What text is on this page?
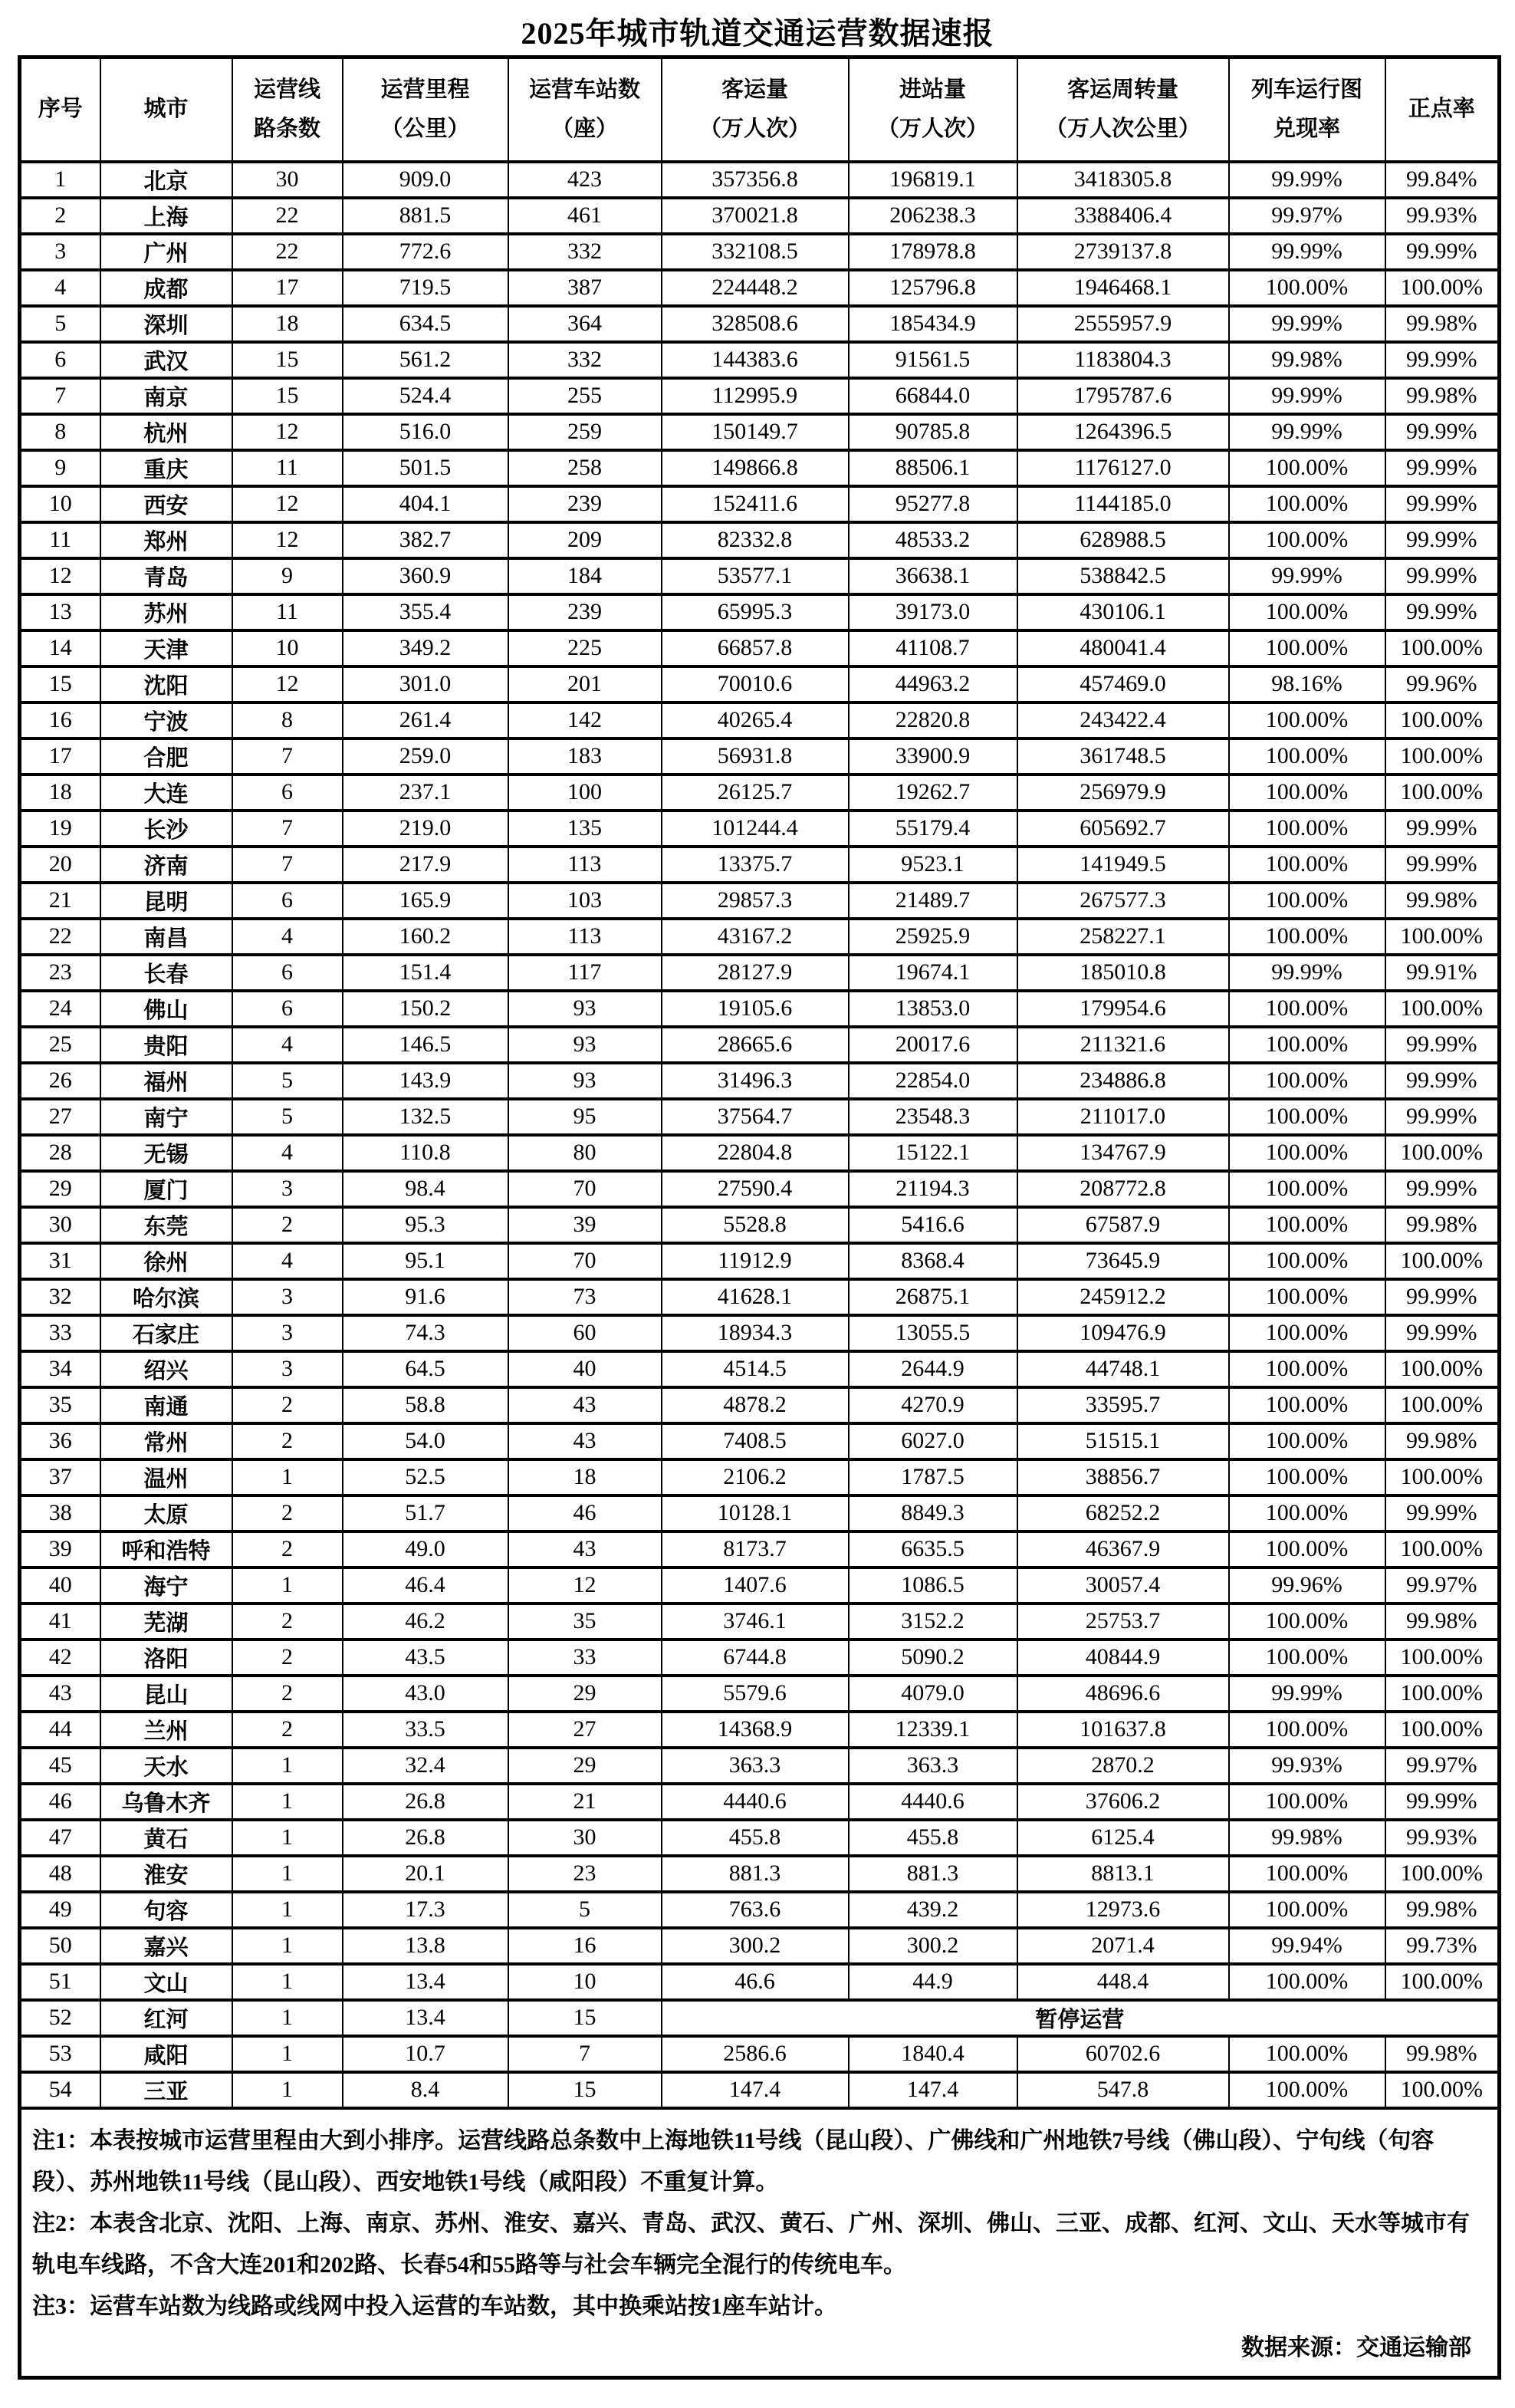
2025年城市轨道交通运营数据速报
序号	城市

运营线
路条数

运营里程
（公里）

运营车站数
（座）

客运量
（万人次）

进站量
（万人次）

客运周转量
（万人次公里）

列车运行图
兑现率

正点率

1	北京	30	909.0	423	357356.8	196819.1	3418305.8	99.99%	99.84%
2	上海	22	881.5	461	370021.8	206238.3	3388406.4	99.97%	99.93%
3	广州	22	772.6	332	332108.5	178978.8	2739137.8	99.99%	99.99%
4	成都	17	719.5	387	224448.2	125796.8	1946468.1	100.00%	100.00%
5	深圳	18	634.5	364	328508.6	185434.9	2555957.9	99.99%	99.98%
6	武汉	15	561.2	332	144383.6	91561.5	1183804.3	99.98%	99.99%
7	南京	15	524.4	255	112995.9	66844.0	1795787.6	99.99%	99.98%
8	杭州	12	516.0	259	150149.7	90785.8	1264396.5	99.99%	99.99%
9	重庆	11	501.5	258	149866.8	88506.1	1176127.0	100.00%	99.99%
10	西安	12	404.1	239	152411.6	95277.8	1144185.0	100.00%	99.99%
11	郑州	12	382.7	209	82332.8	48533.2	628988.5	100.00%	99.99%
12	青岛	9	360.9	184	53577.1	36638.1	538842.5	99.99%	99.99%
13	苏州	11	355.4	239	65995.3	39173.0	430106.1	100.00%	99.99%
14	天津	10	349.2	225	66857.8	41108.7	480041.4	100.00%	100.00%
15	沈阳	12	301.0	201	70010.6	44963.2	457469.0	98.16%	99.96%
16	宁波	8	261.4	142	40265.4	22820.8	243422.4	100.00%	100.00%
17	合肥	7	259.0	183	56931.8	33900.9	361748.5	100.00%	100.00%
18	大连	6	237.1	100	26125.7	19262.7	256979.9	100.00%	100.00%
19	长沙	7	219.0	135	101244.4	55179.4	605692.7	100.00%	99.99%
20	济南	7	217.9	113	13375.7	9523.1	141949.5	100.00%	99.99%
21	昆明	6	165.9	103	29857.3	21489.7	267577.3	100.00%	99.98%
22	南昌	4	160.2	113	43167.2	25925.9	258227.1	100.00%	100.00%
23	长春	6	151.4	117	28127.9	19674.1	185010.8	99.99%	99.91%
24	佛山	6	150.2	93	19105.6	13853.0	179954.6	100.00%	100.00%
25	贵阳	4	146.5	93	28665.6	20017.6	211321.6	100.00%	99.99%
26	福州	5	143.9	93	31496.3	22854.0	234886.8	100.00%	99.99%
27	南宁	5	132.5	95	37564.7	23548.3	211017.0	100.00%	99.99%
28	无锡	4	110.8	80	22804.8	15122.1	134767.9	100.00%	100.00%
29	厦门	3	98.4	70	27590.4	21194.3	208772.8	100.00%	99.99%
30	东莞	2	95.3	39	5528.8	5416.6	67587.9	100.00%	99.98%
31	徐州	4	95.1	70	11912.9	8368.4	73645.9	100.00%	100.00%
32	哈尔滨	3	91.6	73	41628.1	26875.1	245912.2	100.00%	99.99%
33	石家庄	3	74.3	60	18934.3	13055.5	109476.9	100.00%	99.99%
34	绍兴	3	64.5	40	4514.5	2644.9	44748.1	100.00%	100.00%
35	南通	2	58.8	43	4878.2	4270.9	33595.7	100.00%	100.00%
36	常州	2	54.0	43	7408.5	6027.0	51515.1	100.00%	99.98%
37	温州	1	52.5	18	2106.2	1787.5	38856.7	100.00%	100.00%
38	太原	2	51.7	46	10128.1	8849.3	68252.2	100.00%	99.99%
39	呼和浩特	2	49.0	43	8173.7	6635.5	46367.9	100.00%	100.00%
40	海宁	1	46.4	12	1407.6	1086.5	30057.4	99.96%	99.97%
41	芜湖	2	46.2	35	3746.1	3152.2	25753.7	100.00%	99.98%
42	洛阳	2	43.5	33	6744.8	5090.2	40844.9	100.00%	100.00%
43	昆山	2	43.0	29	5579.6	4079.0	48696.6	99.99%	100.00%
44	兰州	2	33.5	27	14368.9	12339.1	101637.8	100.00%	100.00%
45	天水	1	32.4	29	363.3	363.3	2870.2	99.93%	99.97%
46	乌鲁木齐	1	26.8	21	4440.6	4440.6	37606.2	100.00%	99.99%
47	黄石	1	26.8	30	455.8	455.8	6125.4	99.98%	99.93%
48	淮安	1	20.1	23	881.3	881.3	8813.1	100.00%	100.00%
49	句容	1	17.3	5	763.6	439.2	12973.6	100.00%	99.98%
50	嘉兴	1	13.8	16	300.2	300.2	2071.4	99.94%	99.73%
51	文山	1	13.4	10	46.6	44.9	448.4	100.00%	100.00%
52	红河	1	13.4	15	暂停运营				
53	咸阳	1	10.7	7	2586.6	1840.4	60702.6	100.00%	99.98%
54	三亚	1	8.4	15	147.4	147.4	547.8	100.00%	100.00%

注1：本表按城市运营里程由大到小排序。运营线路总条数中上海地铁11号线（昆山段）、广佛线和广州地铁7号线（佛山段）、宁句线（句容段）、苏州地铁11号线（昆山段）、西安地铁1号线（咸阳段）不重复计算。

注2：本表含北京、沈阳、上海、南京、苏州、淮安、嘉兴、青岛、武汉、黄石、广州、深圳、佛山、三亚、成都、红河、文山、天水等城市有轨电车线路，不含大连201和202路、长春54和55路等与社会车辆完全混行的传统电车。

注3：运营车站数为线路或线网中投入运营的车站数，其中换乘站按1座车站计。

数据来源：交通运输部									
